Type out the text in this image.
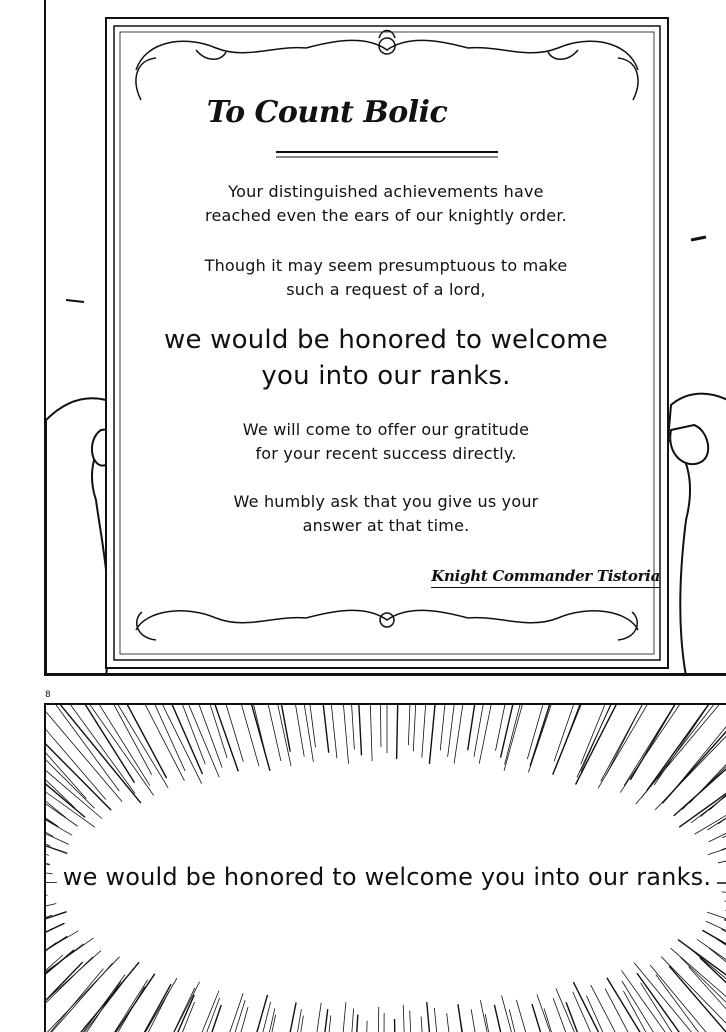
To Count Bolic
Your distinguished achievements have
reached even the ears of our knightly order.
Though it may seem presumptuous to make
such a request of a lord,
we would be honored to welcome
you into our ranks.
We will come to offer our gratitude
for your recent success directly.
We humbly ask that you give us your
answer at that time.
Knight Commander Tistoria
8
we would be honored to welcome you into our ranks.
